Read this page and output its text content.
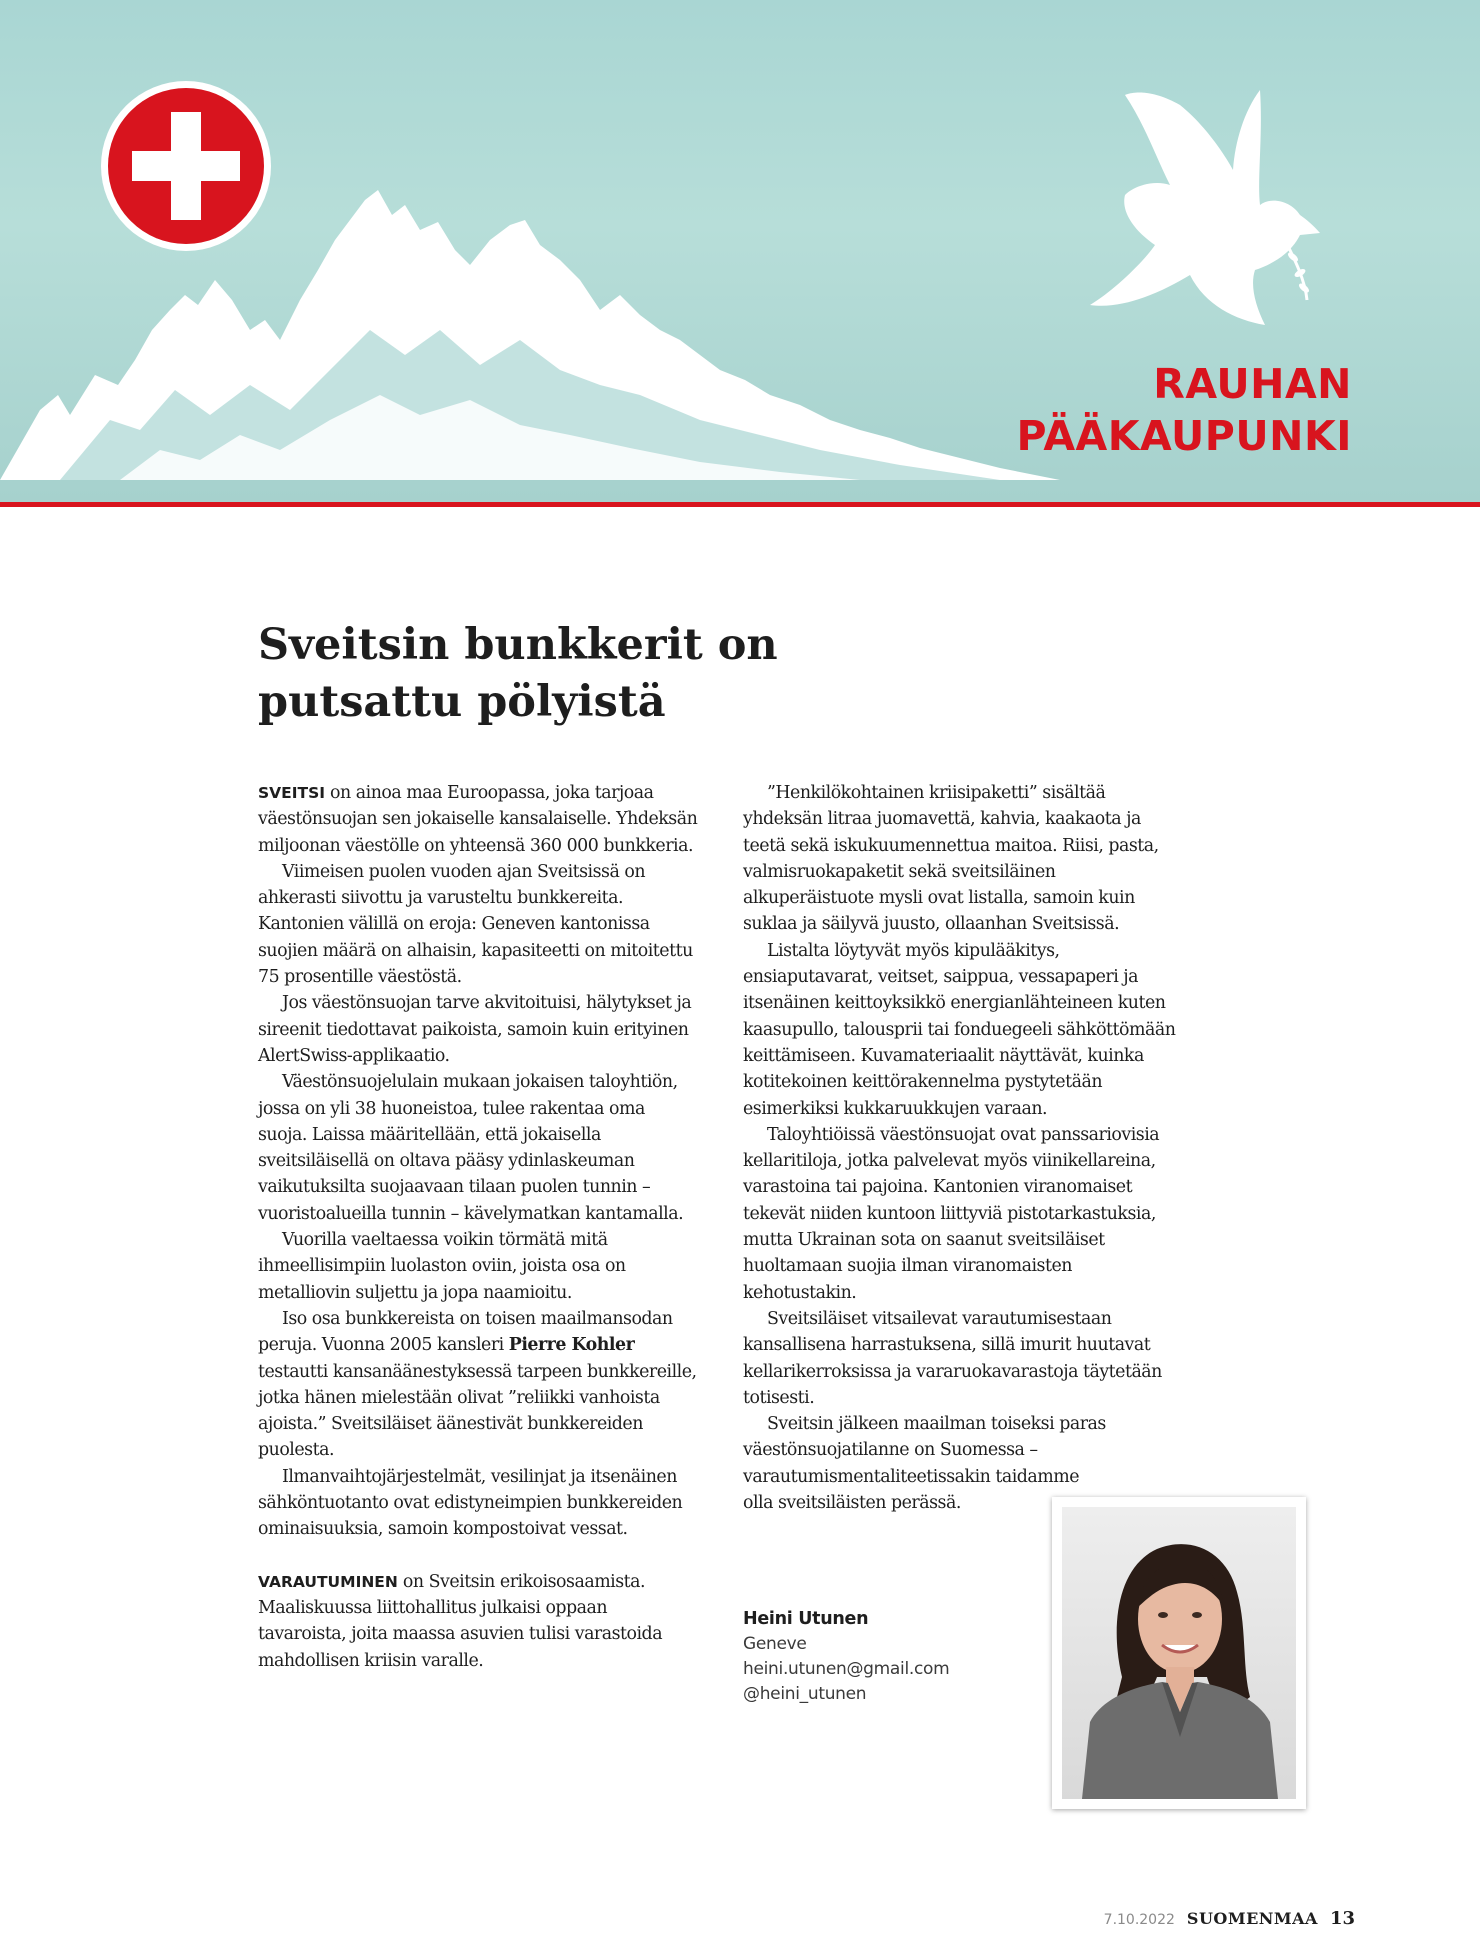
RAUHAN
PÄÄKAUPUNKI
Sveitsin bunkkerit on
putsattu pölyistä

SVEITSI on ainoa maa Euroopassa, joka tarjoaa väestönsuojan sen jokaiselle kansalaiselle. Yhdeksän miljoonan väestölle on yhteensä 360 000 bunkkeria.

Viimeisen puolen vuoden ajan Sveitsissä on ahkerasti siivottu ja varusteltu bunkkereita. Kantonien välillä on eroja: Geneven kantonissa suojien määrä on alhaisin, kapasiteetti on mitoitettu 75 prosentille väestöstä.

Jos väestönsuojan tarve akvitoituisi, hälytykset ja sireenit tiedottavat paikoista, samoin kuin erityinen AlertSwiss-applikaatio.

Väestönsuojelulain mukaan jokaisen taloyhtiön, jossa on yli 38 huoneistoa, tulee rakentaa oma suoja. Laissa määritellään, että jokaisella sveitsiläisellä on oltava pääsy ydinlaskeuman vaikutuksilta suojaavaan tilaan puolen tunnin – vuoristoalueilla tunnin – kävelymatkan kantamalla.

Vuorilla vaeltaessa voikin törmätä mitä ihmeellisimpiin luolaston oviin, joista osa on metalliovin suljettu ja jopa naamioitu.

Iso osa bunkkereista on toisen maailmansodan peruja. Vuonna 2005 kansleri Pierre Kohler testautti kansanäänestyksessä tarpeen bunkkereille, jotka hänen mielestään olivat ”reliikki vanhoista ajoista.” Sveitsiläiset äänestivät bunkkereiden puolesta.

Ilmanvaihtojärjestelmät, vesilinjat ja itsenäinen sähköntuotanto ovat edistyneimpien bunkkereiden ominaisuuksia, samoin kompostoivat vessat.

VARAUTUMINEN on Sveitsin erikoisosaamista. Maaliskuussa liittohallitus julkaisi oppaan tavaroista, joita maassa asuvien tulisi varastoida mahdollisen kriisin varalle.

”Henkilökohtainen kriisipaketti” sisältää yhdeksän litraa juomavettä, kahvia, kaakaota ja teetä sekä iskukuumennettua maitoa. Riisi, pasta, valmisruokapaketit sekä sveitsiläinen alkuperäistuote mysli ovat listalla, samoin kuin suklaa ja säilyvä juusto, ollaanhan Sveitsissä.

Listalta löytyvät myös kipulääkitys, ensiaputavarat, veitset, saippua, vessapaperi ja itsenäinen keittoyksikkö energianlähteineen kuten kaasupullo, talousprii tai fonduegeeli sähköttömään keittämiseen. Kuvamateriaalit näyttävät, kuinka kotitekoinen keittörakennelma pystytetään esimerkiksi kukkaruukkujen varaan.

Taloyhtiöissä väestönsuojat ovat panssariovisia kellaritiloja, jotka palvelevat myös viinikellareina, varastoina tai pajoina. Kantonien viranomaiset tekevät niiden kuntoon liittyviä pistotarkastuksia, mutta Ukrainan sota on saanut sveitsiläiset huoltamaan suojia ilman viranomaisten kehotustakin.

Sveitsiläiset vitsailevat varautumisestaan kansallisena harrastuksena, sillä imurit huutavat kellarikerroksissa ja vararuokavarastoja täytetään totisesti.

Sveitsin jälkeen maailman toiseksi paras väestönsuojatilanne on Suomessa – varautumismentaliteetissakin taidamme
olla sveitsiläisten perässä.

Heini Utunen
Geneve
heini.utunen@gmail.com
@heini_utunen
7.10.2022 SUOMENMAA 13
